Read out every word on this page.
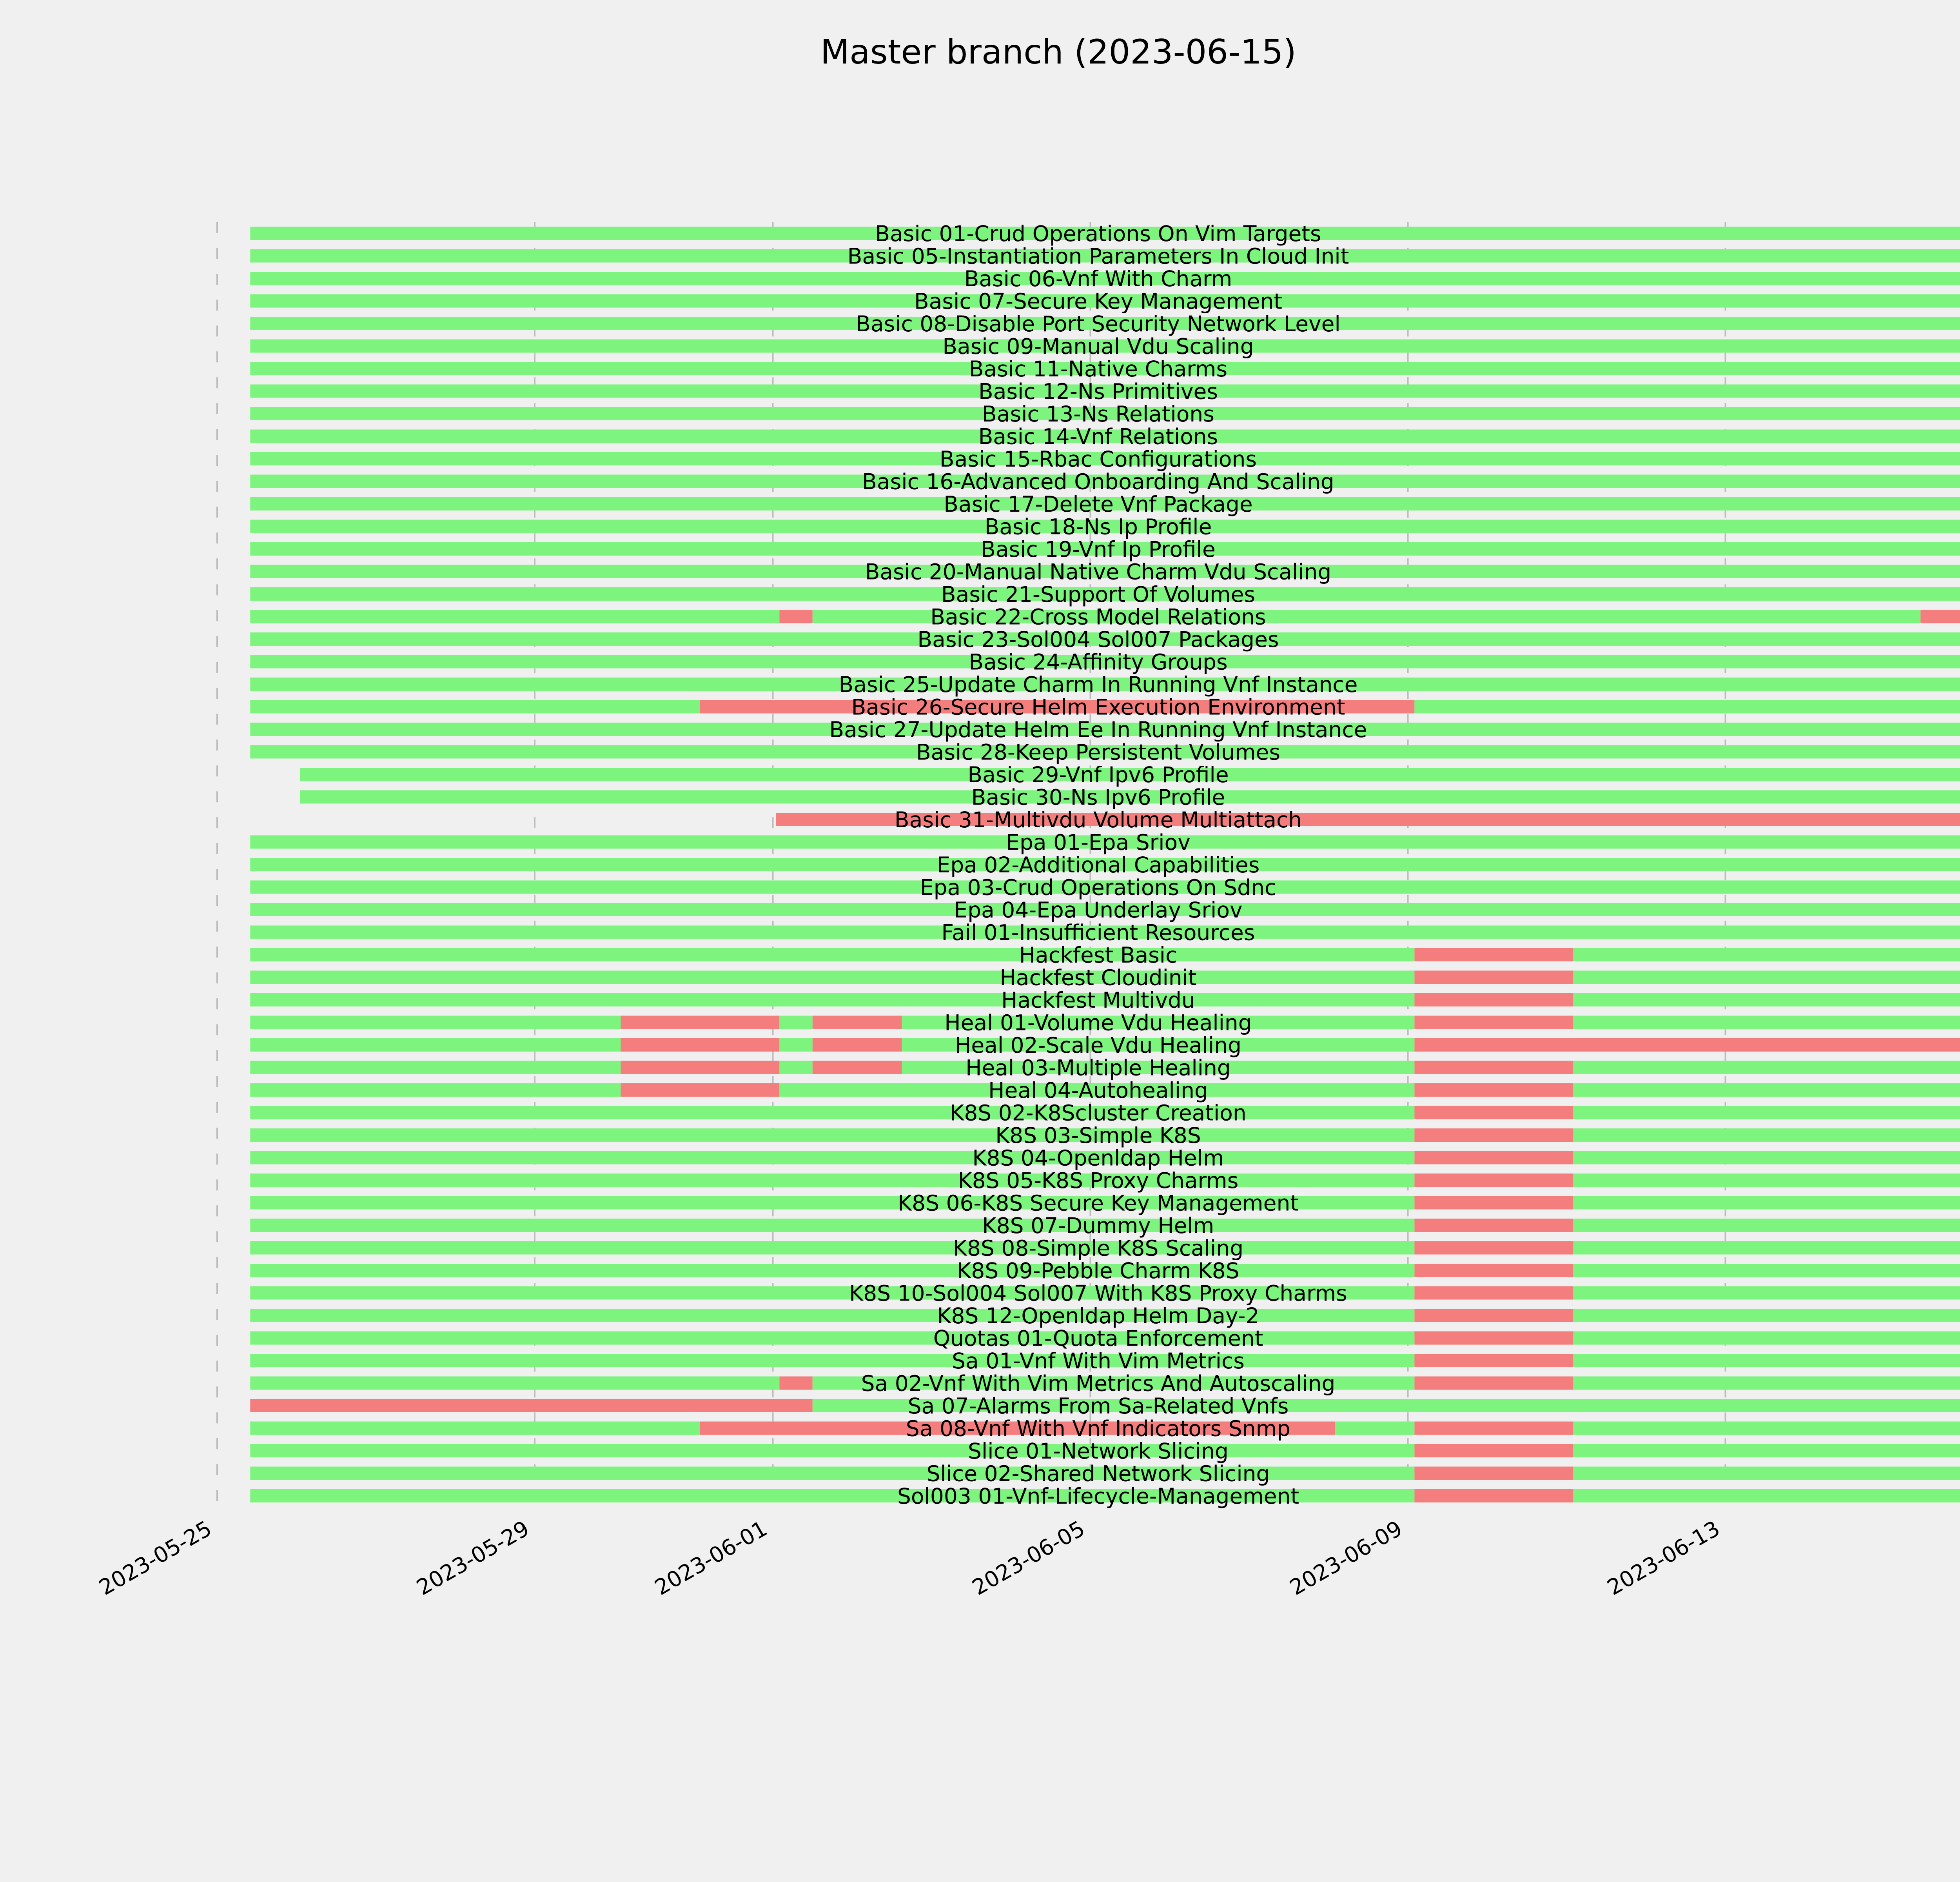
Master branch (2023-06-15)
Basic 01-Crud Operations On Vim Targets
Basic 05-Instantiation Parameters In Cloud Init
Basic 06-Vnf With Charm
Basic 07-Secure Key Management
Basic 08-Disable Port Security Network Level
Basic 09-Manual Vdu Scaling
Basic 11-Native Charms
Basic 12-Ns Primitives
Basic 13-Ns Relations
Basic 14-Vnf Relations
Basic 15-Rbac Configurations
Basic 16-Advanced Onboarding And Scaling
Basic 17-Delete Vnf Package
Basic 18-Ns Ip Profile
Basic 19-Vnf Ip Profile
Basic 20-Manual Native Charm Vdu Scaling
Basic 21-Support Of Volumes
Basic 22-Cross Model Relations
Basic 23-Sol004 Sol007 Packages
Basic 24-Affinity Groups
Basic 25-Update Charm In Running Vnf Instance
Basic 26-Secure Helm Execution Environment
Basic 27-Update Helm Ee In Running Vnf Instance
Basic 28-Keep Persistent Volumes
Basic 29-Vnf Ipv6 Profile
Basic 30-Ns Ipv6 Profile
Basic 31-Multivdu Volume Multiattach
Epa 01-Epa Sriov
Epa 02-Additional Capabilities
Epa 03-Crud Operations On Sdnc
Epa 04-Epa Underlay Sriov
Fail 01-Insufficient Resources
Hackfest Basic
Hackfest Cloudinit
Hackfest Multivdu
Heal 01-Volume Vdu Healing
Heal 02-Scale Vdu Healing
Heal 03-Multiple Healing
Heal 04-Autohealing
K8S 02-K8Scluster Creation
K8S 03-Simple K8S
K8S 04-Openldap Helm
K8S 05-K8S Proxy Charms
K8S 06-K8S Secure Key Management
K8S 07-Dummy Helm
K8S 08-Simple K8S Scaling
K8S 09-Pebble Charm K8S
K8S 10-Sol004 Sol007 With K8S Proxy Charms
K8S 12-Openldap Helm Day-2
Quotas 01-Quota Enforcement
Sa 01-Vnf With Vim Metrics
Sa 02-Vnf With Vim Metrics And Autoscaling
Sa 07-Alarms From Sa-Related Vnfs
Sa 08-Vnf With Vnf Indicators Snmp
Slice 01-Network Slicing
Slice 02-Shared Network Slicing
Sol003 01-Vnf-Lifecycle-Management
2023-05-25	2023-05-29	2023-06-01	2023-06-05	2023-06-09	2023-06-13
